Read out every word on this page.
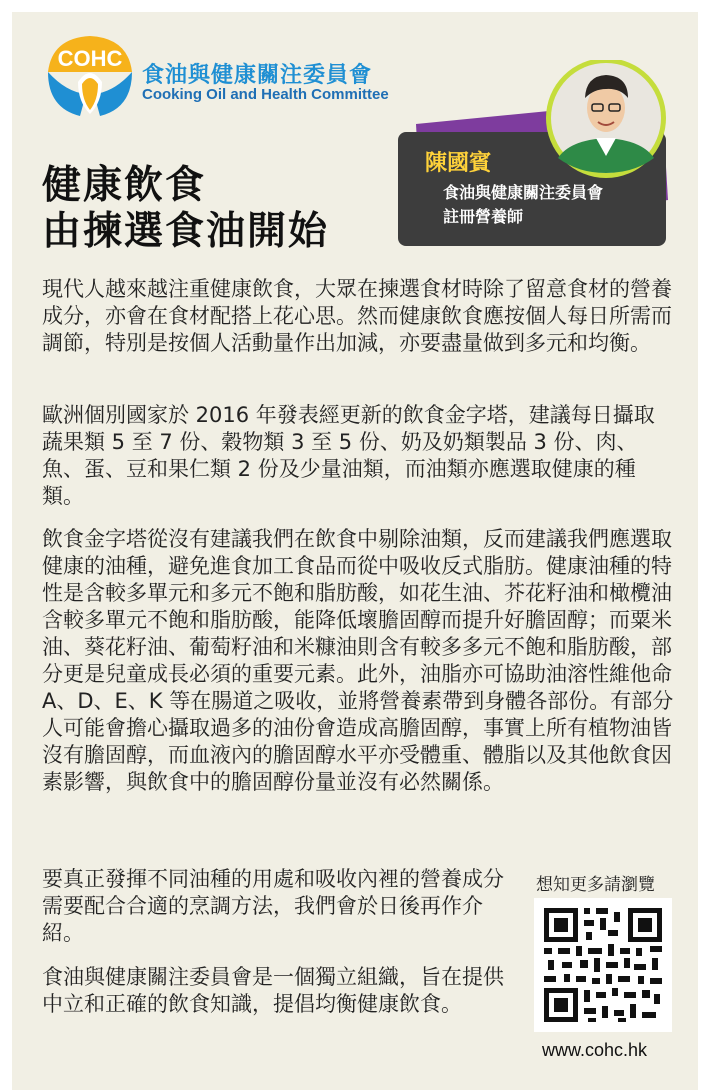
COHC
食油與健康關注委員會
Cooking Oil and Health Committee
健康飲食
由揀選食油開始
陳國賓
食油與健康關注委員會
註冊營養師
現代人越來越注重健康飲食，大眾在揀選食材時除了留意食材的營養成分，亦會在食材配搭上花心思。然而健康飲食應按個人每日所需而調節，特別是按個人活動量作出加減，亦要盡量做到多元和均衡。
歐洲個別國家於 2016 年發表經更新的飲食金字塔，建議每日攝取蔬果類 5 至 7 份、穀物類 3 至 5 份、奶及奶類製品 3 份、肉、魚、蛋、豆和果仁類 2 份及少量油類，而油類亦應選取健康的種類。
飲食金字塔從沒有建議我們在飲食中剔除油類，反而建議我們應選取健康的油種，避免進食加工食品而從中吸收反式脂肪。健康油種的特性是含較多單元和多元不飽和脂肪酸，如花生油、芥花籽油和橄欖油含較多單元不飽和脂肪酸，能降低壞膽固醇而提升好膽固醇；而粟米油、葵花籽油、葡萄籽油和米糠油則含有較多多元不飽和脂肪酸，部分更是兒童成長必須的重要元素。此外，油脂亦可協助油溶性維他命 A、D、E、K 等在腸道之吸收，並將營養素帶到身體各部份。有部分人可能會擔心攝取過多的油份會造成高膽固醇，事實上所有植物油皆沒有膽固醇，而血液內的膽固醇水平亦受體重、體脂以及其他飲食因素影響，與飲食中的膽固醇份量並沒有必然關係。
要真正發揮不同油種的用處和吸收內裡的營養成分需要配合合適的烹調方法，我們會於日後再作介紹。
食油與健康關注委員會是一個獨立組織，旨在提供中立和正確的飲食知識，提倡均衡健康飲食。
想知更多請瀏覽
www.cohc.hk
